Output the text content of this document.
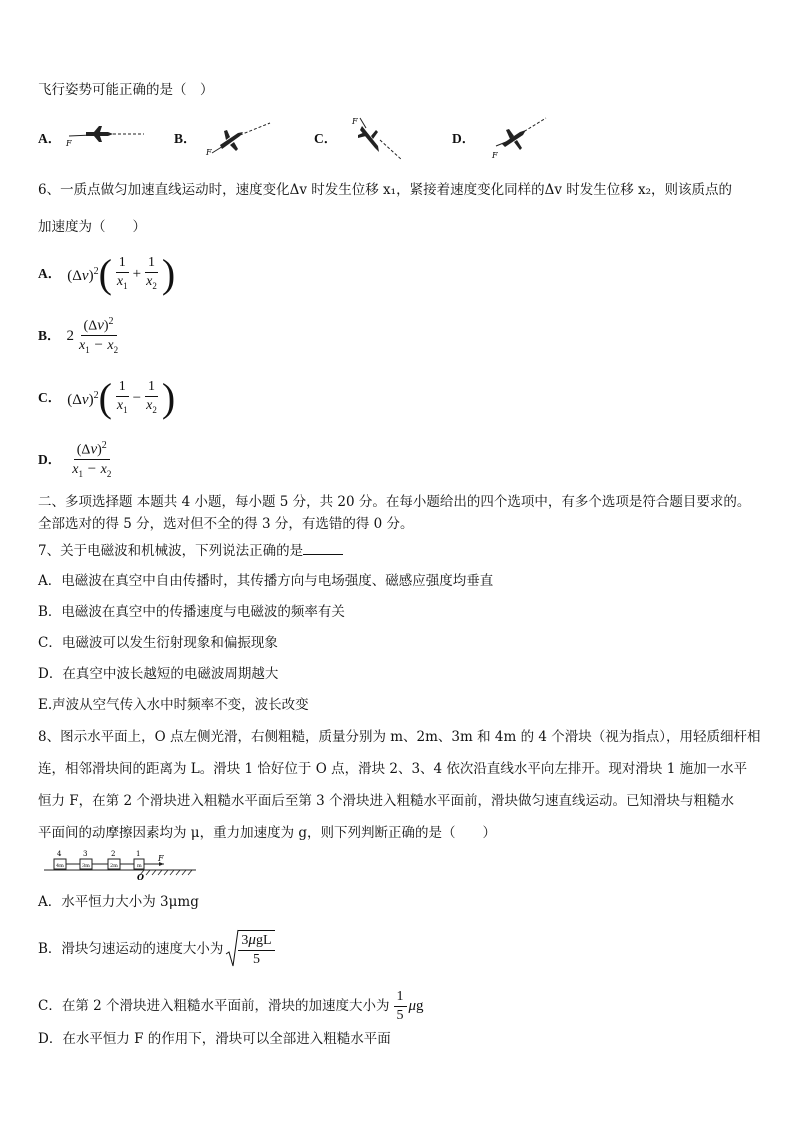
飞行姿势可能正确的是（　）
A． F	B．
F
C．
F
D．
F
6、一质点做匀加速直线运动时，速度变化Δv 时发生位移 x₁，紧接着速度变化同样的Δv 时发生位移 x₂，则该质点的
加速度为（　　）
A． $(\Delta v)^2$ ( $\frac{1}{x_1} + \frac{1}{x_2}$ )
B． $2 \frac{(\Delta v)^2}{x_1 - x_2}$
C． $(\Delta v)^2$ ( $\frac{1}{x_1} - \frac{1}{x_2}$ )
D． $\frac{(\Delta v)^2}{x_1 - x_2}$
二、多项选择题 本题共 4 小题，每小题 5 分，共 20 分。在每小题给出的四个选项中，有多个选项是符合题目要求的。
全部选对的得 5 分，选对但不全的得 3 分，有选错的得 0 分。
7、关于电磁波和机械波，下列说法正确的是
A．电磁波在真空中自由传播时，其传播方向与电场强度、磁感应强度均垂直
B．电磁波在真空中的传播速度与电磁波的频率有关
C．电磁波可以发生衍射现象和偏振现象
D．在真空中波长越短的电磁波周期越大
E.声波从空气传入水中时频率不变，波长改变
8、图示水平面上，O 点左侧光滑，右侧粗糙，质量分别为 m、2m、3m 和 4m 的 4 个滑块（视为指点），用轻质细杆相
连，相邻滑块间的距离为 L。滑块 1 恰好位于 O 点，滑块 2、3、4 依次沿直线水平向左排开。现对滑块 1 施加一水平
恒力 F，在第 2 个滑块进入粗糙水平面后至第 3 个滑块进入粗糙水平面前，滑块做匀速直线运动。已知滑块与粗糙水
平面间的动摩擦因素均为 μ，重力加速度为 g，则下列判断正确的是（　　）
4m	3m	2m	m
4	3	2	1 F
O
A．水平恒力大小为 3μmg
B． 滑块匀速运动的速度大小为 $\frac{\text{3μgL}}{5}$
C． 在第 2 个滑块进入粗糙水平面前，滑块的加速度大小为 $\frac{1}{5}$ μ g
D．在水平恒力 F 的作用下，滑块可以全部进入粗糙水平面
